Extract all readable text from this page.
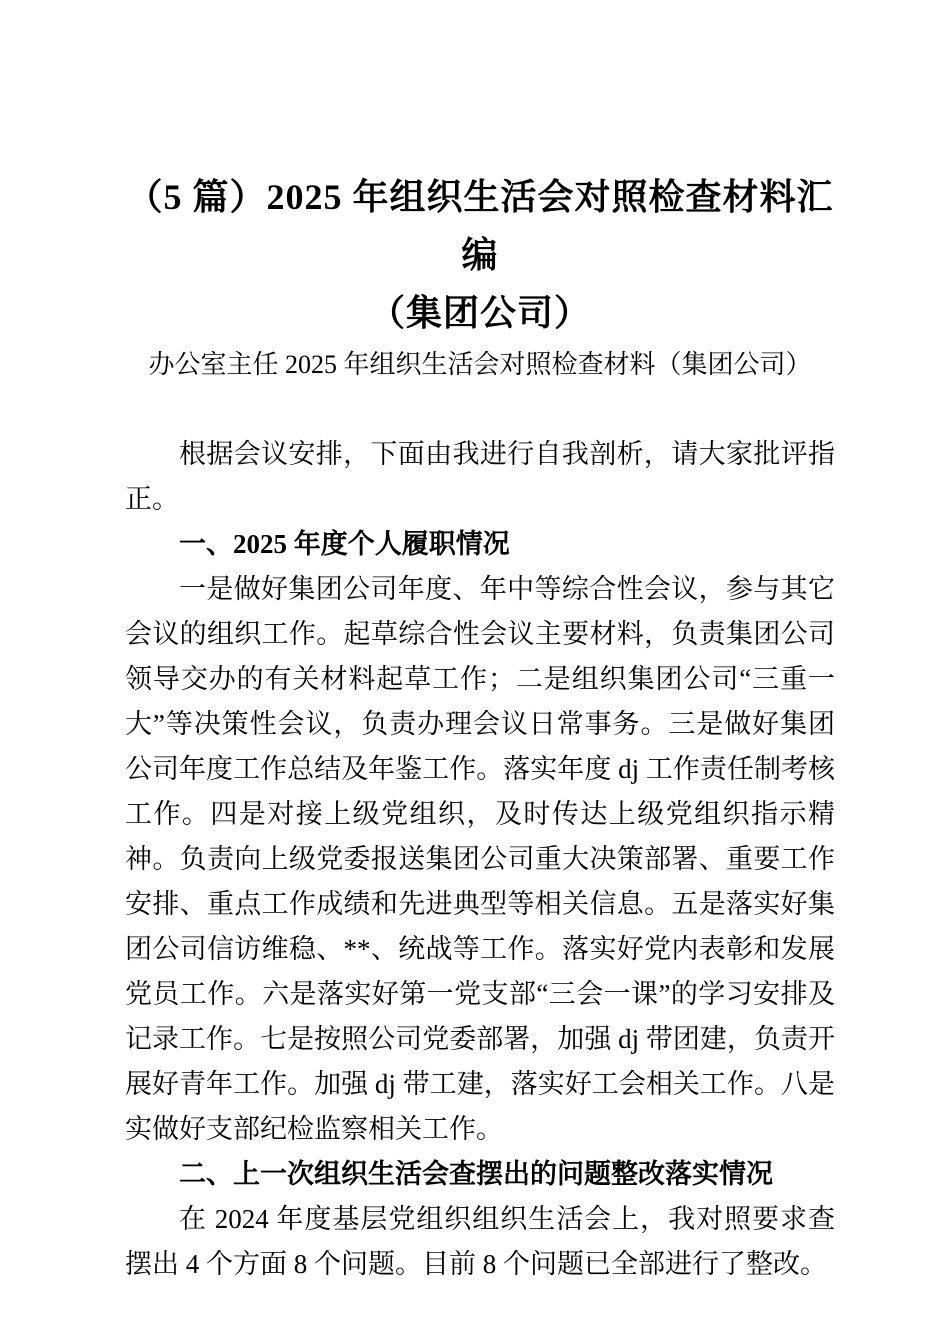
（5 篇）2025 年组织生活会对照检查材料汇编
（集团公司）

办公室主任 2025 年组织生活会对照检查材料（集团公司）

根据会议安排，下面由我进行自我剖析，请大家批评指正。

一、2025 年度个人履职情况

一是做好集团公司年度、年中等综合性会议，参与其它会议的组织工作。起草综合性会议主要材料，负责集团公司领导交办的有关材料起草工作；二是组织集团公司“三重一大”等决策性会议，负责办理会议日常事务。三是做好集团公司年度工作总结及年鉴工作。落实年度 dj 工作责任制考核工作。四是对接上级党组织，及时传达上级党组织指示精神。负责向上级党委报送集团公司重大决策部署、重要工作安排、重点工作成绩和先进典型等相关信息。五是落实好集团公司信访维稳、**、统战等工作。落实好党内表彰和发展党员工作。六是落实好第一党支部“三会一课”的学习安排及记录工作。七是按照公司党委部署，加强 dj 带团建，负责开展好青年工作。加强 dj 带工建，落实好工会相关工作。八是实做好支部纪检监察相关工作。

二、上一次组织生活会查摆出的问题整改落实情况

在 2024 年度基层党组织组织生活会上，我对照要求查摆出 4 个方面 8 个问题。目前 8 个问题已全部进行了整改。
